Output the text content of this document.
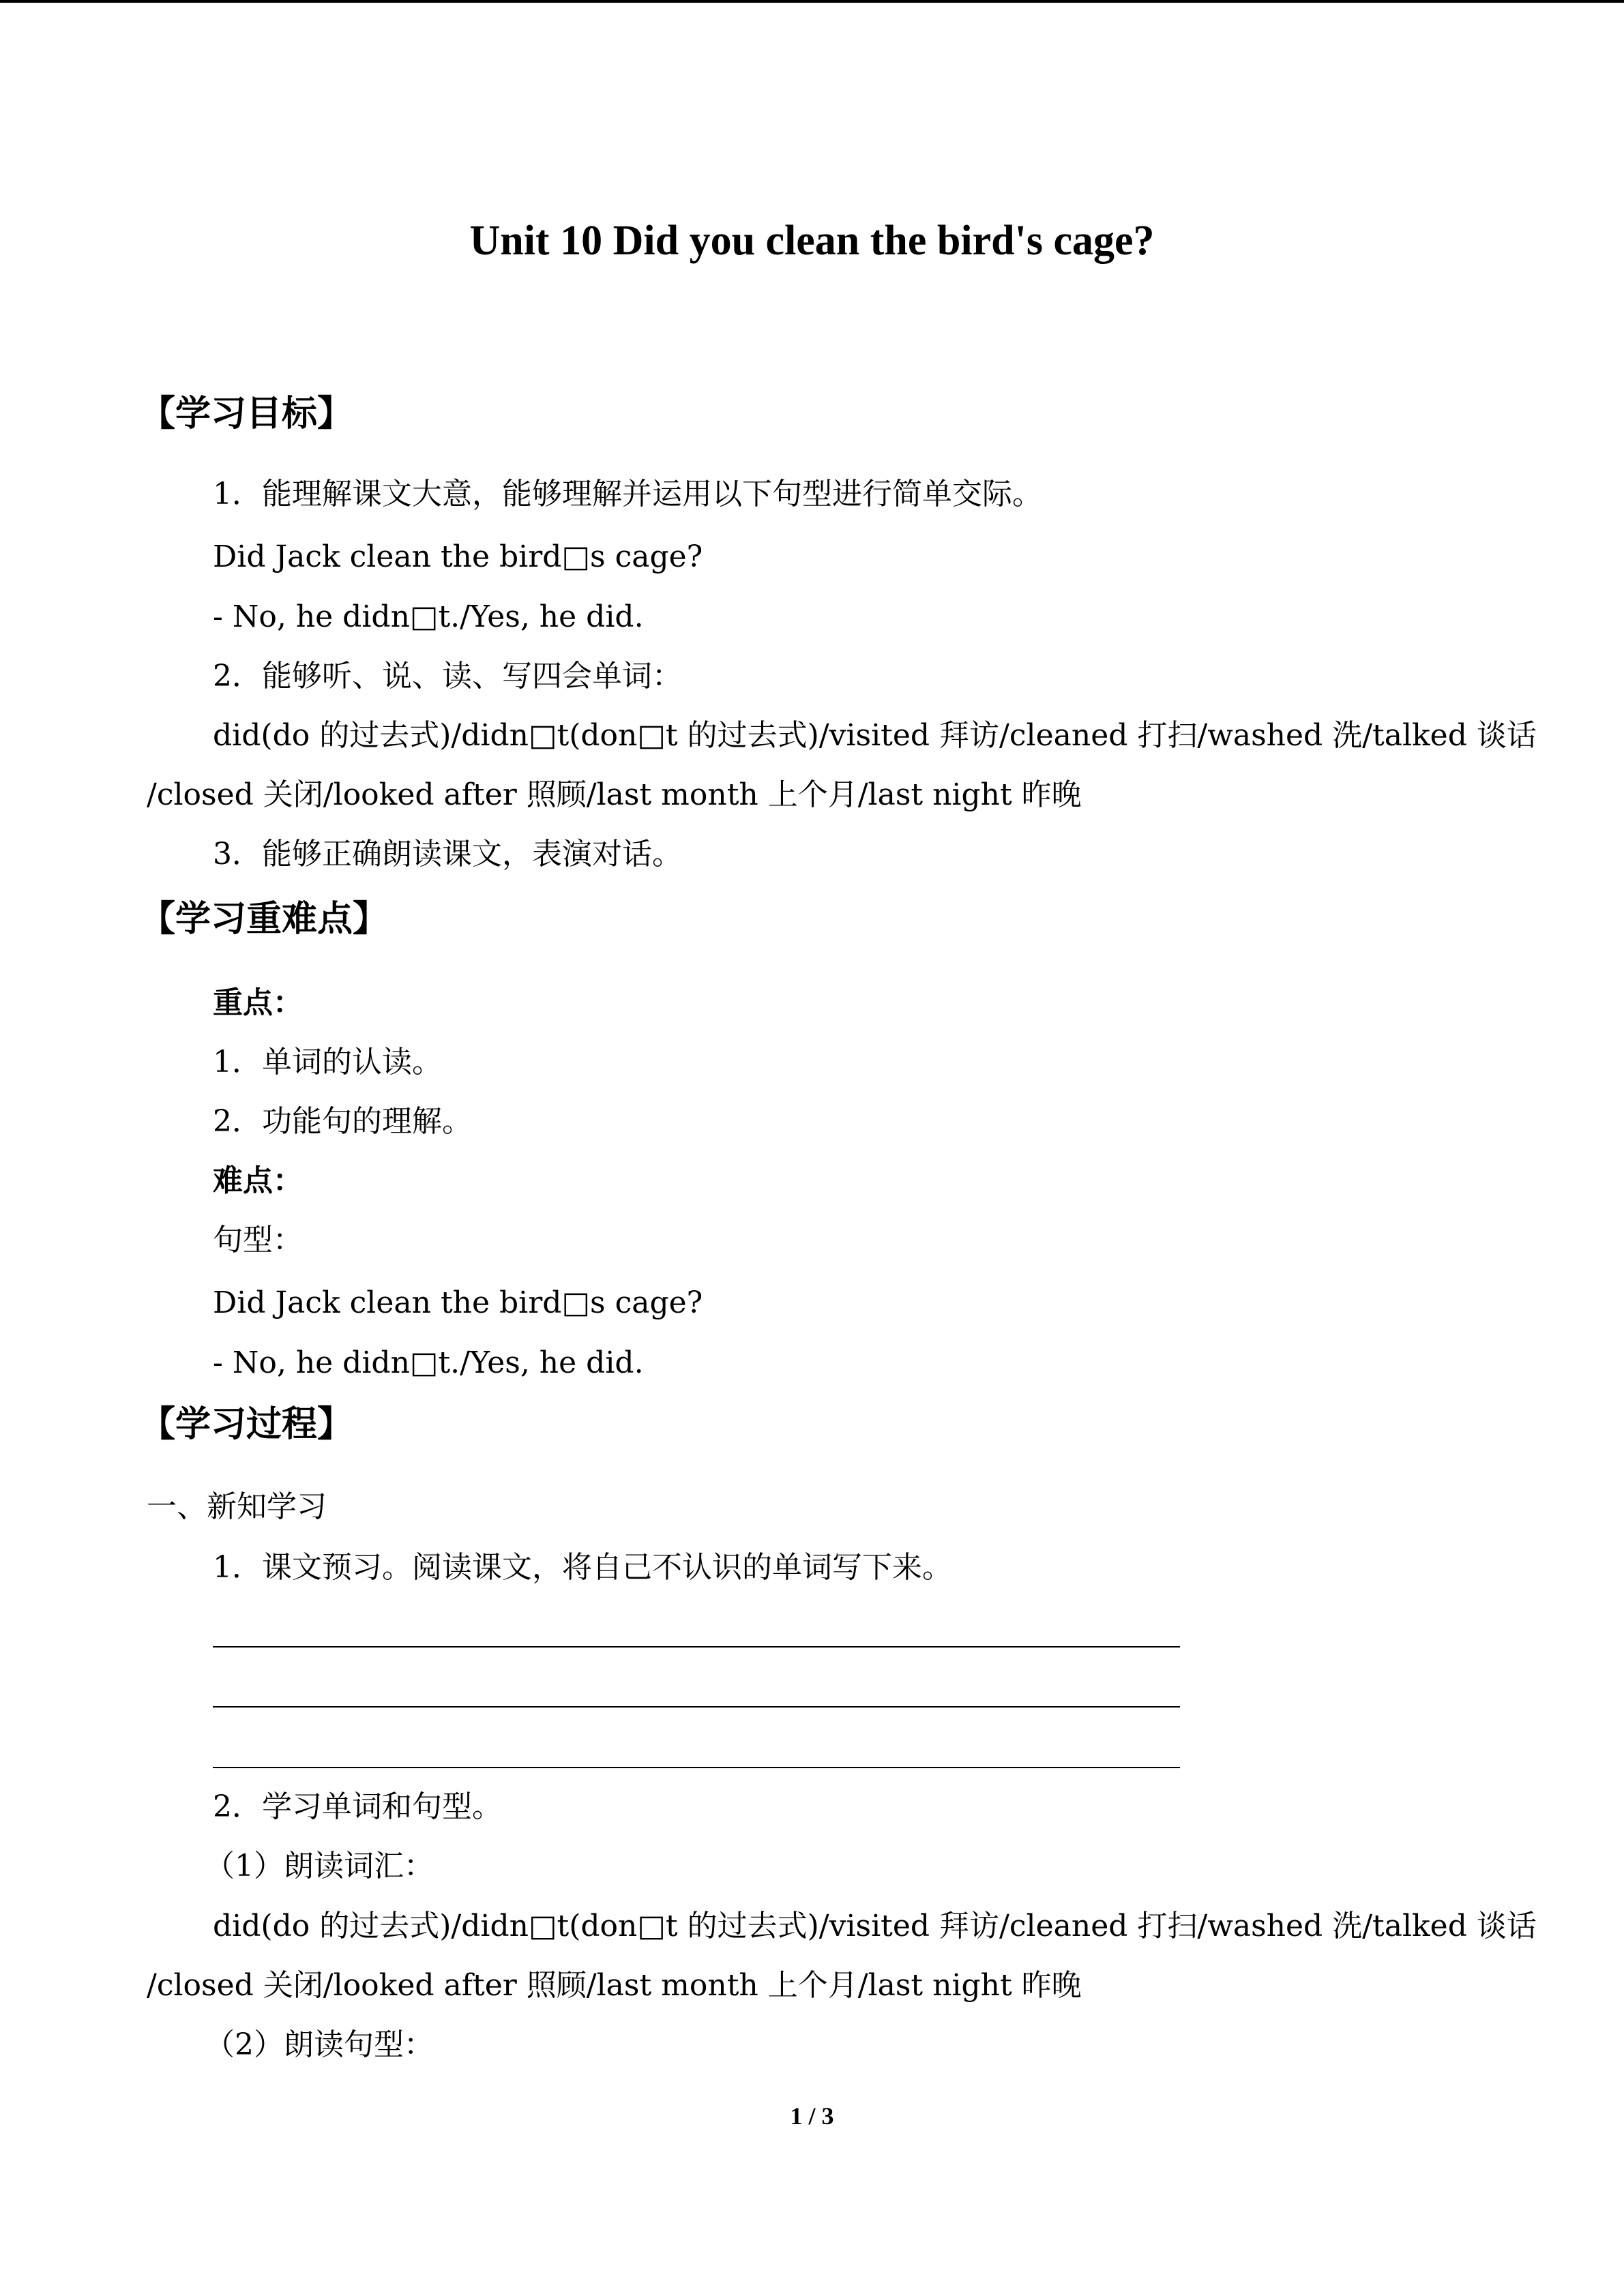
Unit 10 Did you clean the bird's cage?
【学习目标】
1．能理解课文大意，能够理解并运用以下句型进行简单交际。
Did Jack clean the bird□s cage?
- No, he didn□t./Yes, he did.
2．能够听、说、读、写四会单词：
did(do 的过去式)/didn□t(don□t 的过去式)/visited 拜访/cleaned 打扫/washed 洗/talked 谈话
/closed 关闭/looked after 照顾/last month 上个月/last night 昨晚
3．能够正确朗读课文，表演对话。
【学习重难点】
重点：
1．单词的认读。
2．功能句的理解。
难点：
句型：
Did Jack clean the bird□s cage?
- No, he didn□t./Yes, he did.
【学习过程】
一、新知学习
1．课文预习。阅读课文，将自己不认识的单词写下来。
2．学习单词和句型。
（1）朗读词汇：
did(do 的过去式)/didn□t(don□t 的过去式)/visited 拜访/cleaned 打扫/washed 洗/talked 谈话
/closed 关闭/looked after 照顾/last month 上个月/last night 昨晚
（2）朗读句型：
1 / 3
